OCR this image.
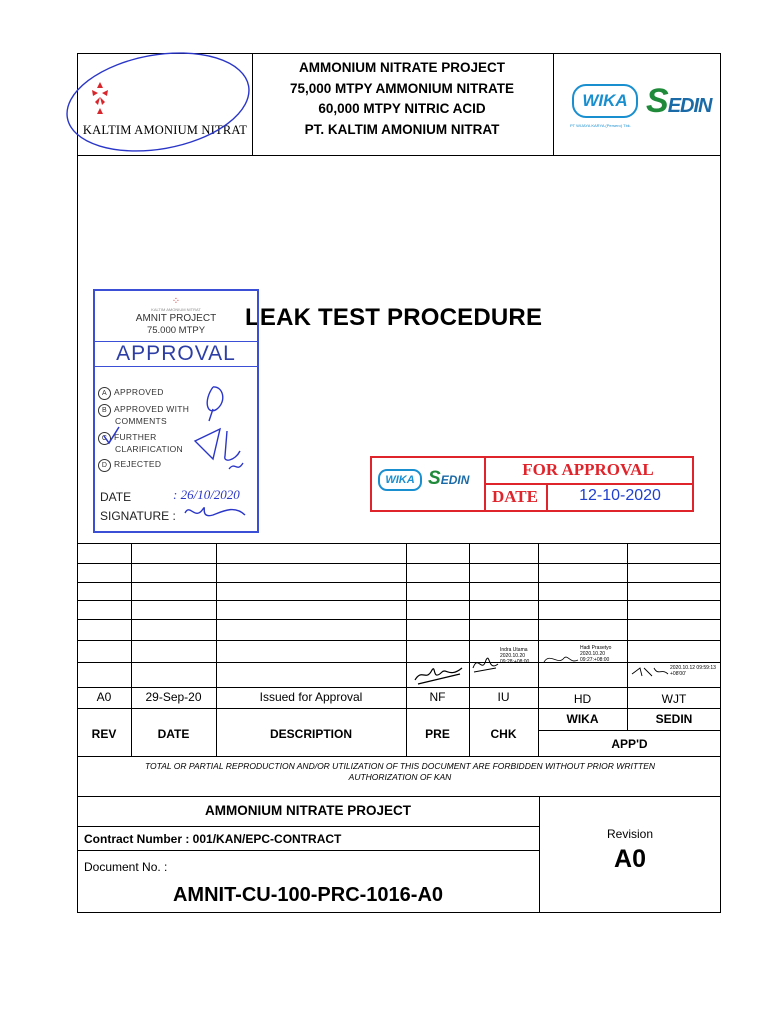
KALTIM AMONIUM NITRAT
AMMONIUM NITRATE PROJECT
75,000 MTPY AMMONIUM NITRATE
60,000 MTPY NITRIC ACID
PT. KALTIM AMONIUM NITRAT
WIKA
PT WIJAYA KARYA (Persero) Tbk.
SEDIN
LEAK TEST PROCEDURE
⁘
KALTIM AMONIUM NITRAT
AMNIT PROJECT
75.000 MTPY
APPROVAL
A APPROVED
B APPROVED WITH
COMMENTS
C FURTHER
CLARIFICATION
D REJECTED
DATE	: 26/10/2020
SIGNATURE :
WIKA SEDIN
FOR APPROVAL
DATE	12-10-2020
Indra Utama
2020.10.20 09:28:+08:00
Hadi Prasetyo
2020.10.20 09:27:+08:00
2020.10.12 09:59:13 +08'00'
A0	29-Sep-20	Issued for Approval	NF	IU	HD	WJT
REV	DATE	DESCRIPTION	PRE	CHK
WIKA	SEDIN
APP'D
TOTAL OR PARTIAL REPRODUCTION AND/OR UTILIZATION OF THIS DOCUMENT ARE FORBIDDEN WITHOUT PRIOR WRITTEN AUTHORIZATION OF KAN
AMMONIUM NITRATE PROJECT
Contract Number : 001/KAN/EPC-CONTRACT
Document No. :
AMNIT-CU-100-PRC-1016-A0
Revision
A0
